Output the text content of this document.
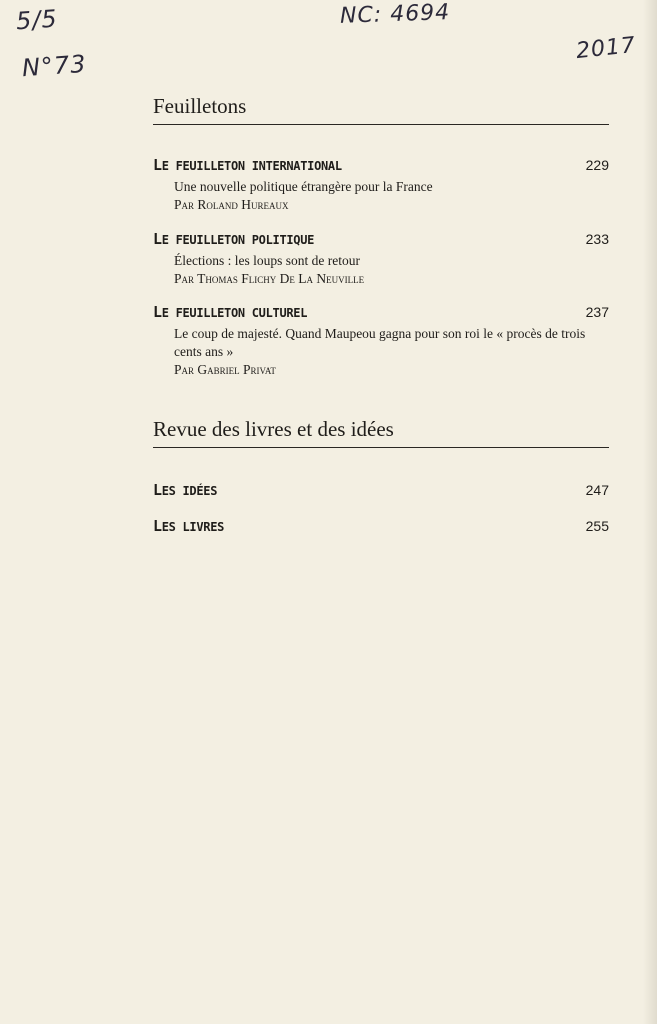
5/5
N°73
NC: 4694
2017
Feuilletons
LE FEUILLETON INTERNATIONAL	229
Une nouvelle politique étrangère pour la France
Par Roland Hureaux
LE FEUILLETON POLITIQUE	233
Élections : les loups sont de retour
Par Thomas Flichy De La Neuville
LE FEUILLETON CULTUREL	237
Le coup de majesté. Quand Maupeou gagna pour son roi le « procès de trois cents ans »
Par Gabriel Privat
Revue des livres et des idées
LES IDÉES	247
LES LIVRES	255
